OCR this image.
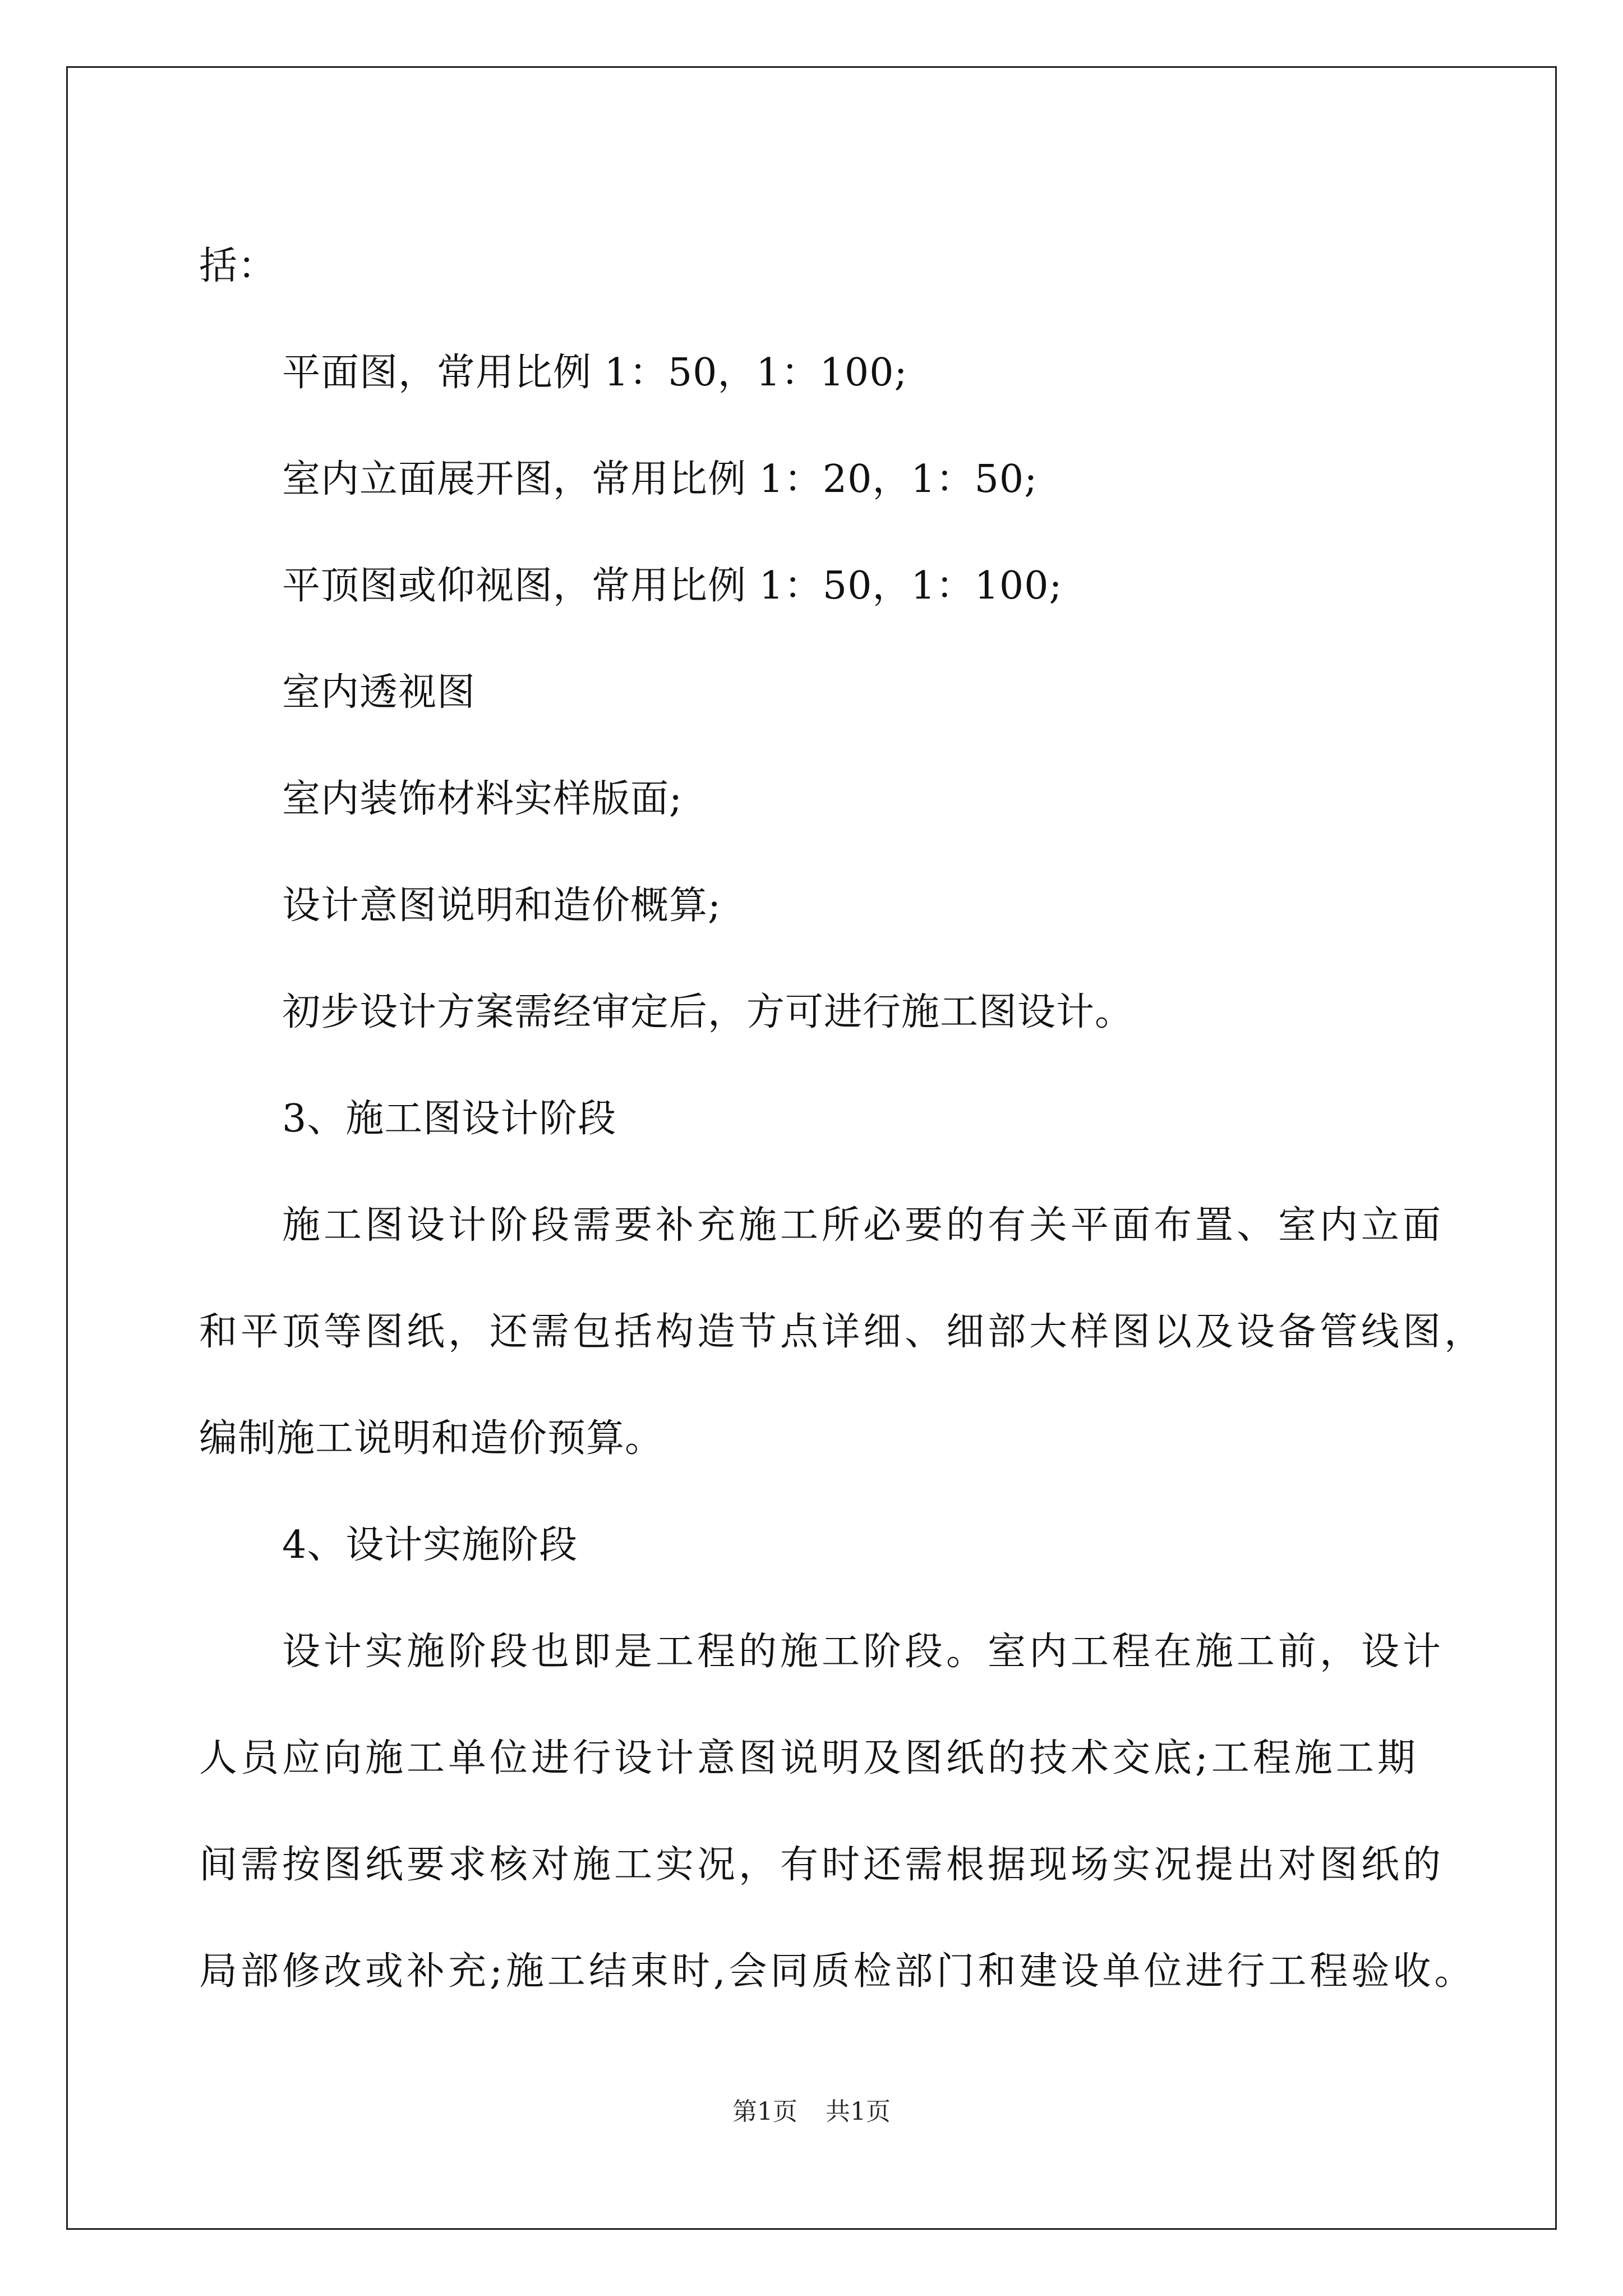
括：
平面图，常用比例 1：50，1：100;
室内立面展开图，常用比例 1：20，1：50;
平顶图或仰视图，常用比例 1：50，1：100;
室内透视图
室内装饰材料实样版面;
设计意图说明和造价概算;
初步设计方案需经审定后，方可进行施工图设计。
3、施工图设计阶段
施工图设计阶段需要补充施工所必要的有关平面布置、室内立面
和平顶等图纸，还需包括构造节点详细、细部大样图以及设备管线图，
编制施工说明和造价预算。
4、设计实施阶段
设计实施阶段也即是工程的施工阶段。室内工程在施工前，设计
人员应向施工单位进行设计意图说明及图纸的技术交底;工程施工期
间需按图纸要求核对施工实况，有时还需根据现场实况提出对图纸的
局部修改或补充;施工结束时,会同质检部门和建设单位进行工程验收。
第1页 共1页
